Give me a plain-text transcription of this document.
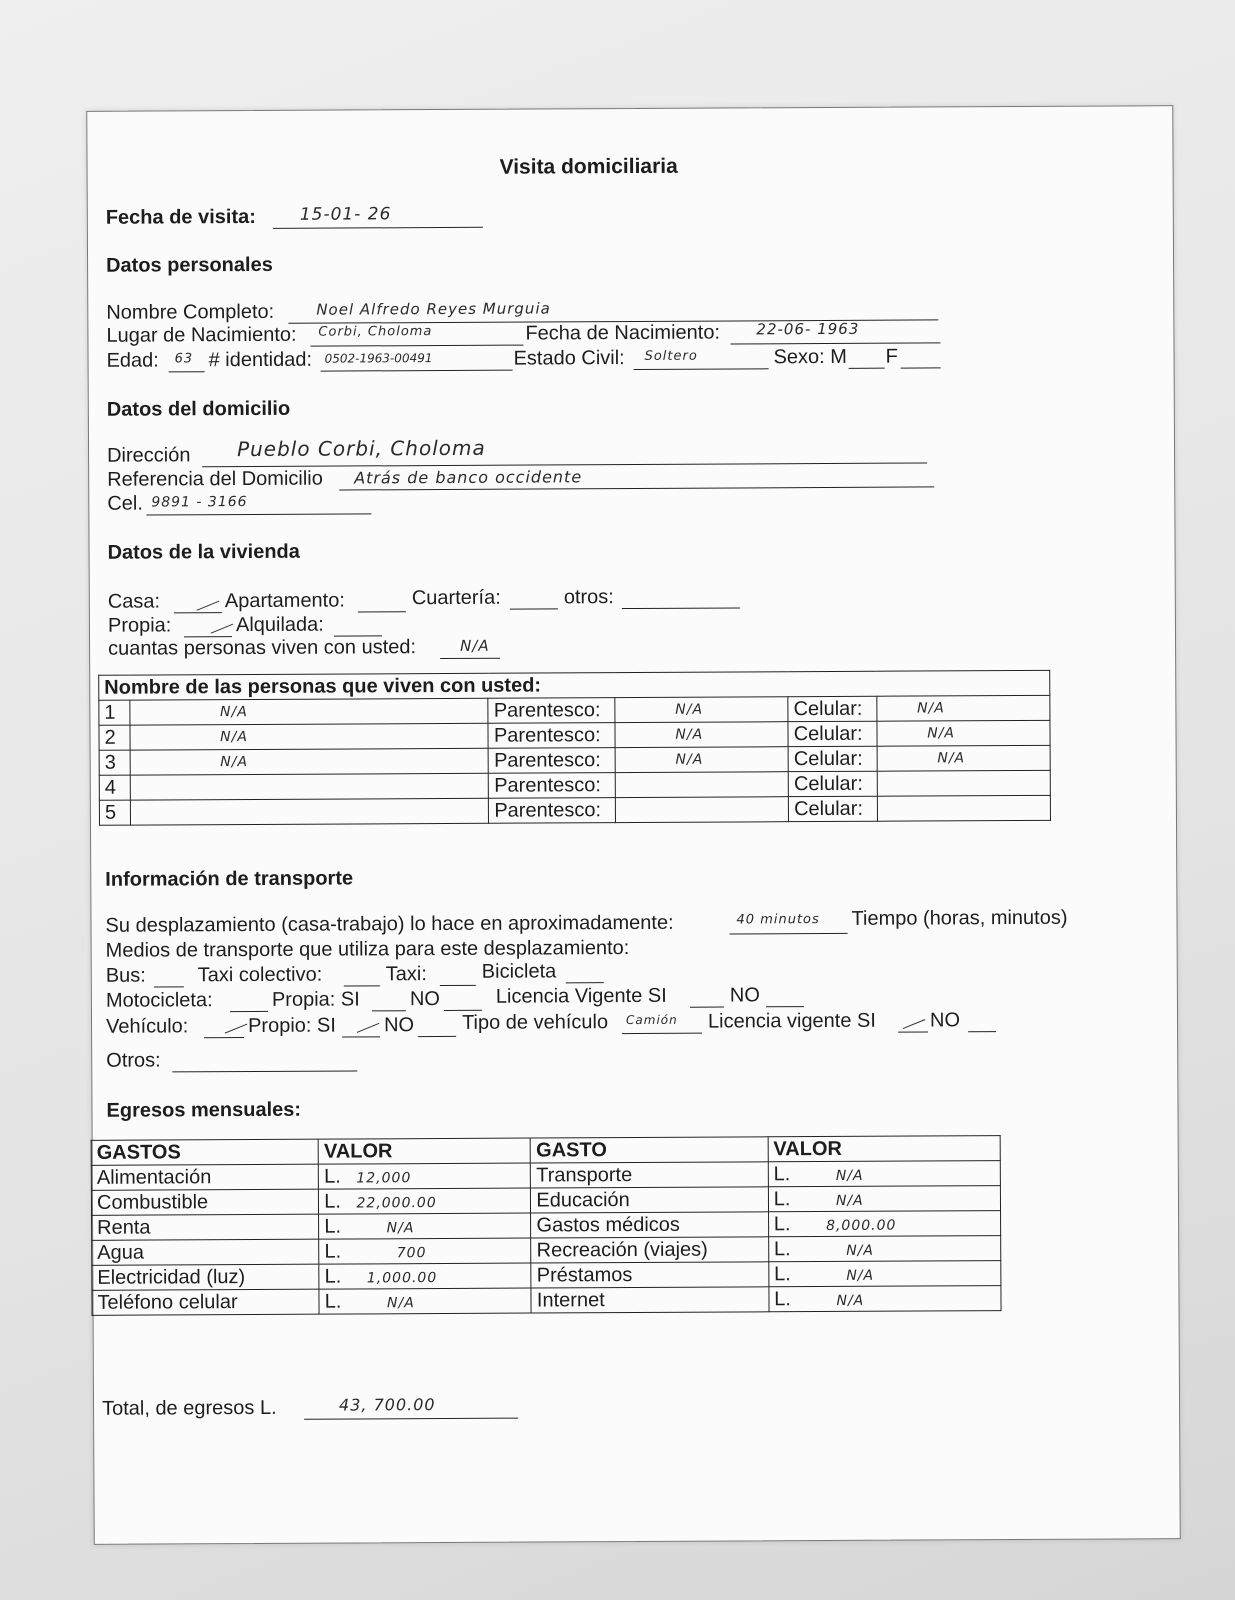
Visita domiciliaria
Fecha de visita:	15-01- 26
Datos personales
Nombre Completo:	Noel Alfredo Reyes Murguia
Lugar de Nacimiento: Corbi, Choloma	Fecha de Nacimiento: 22-06- 1963
Edad: 63 # identidad: 0502-1963-00491	Estado Civil: Soltero	Sexo: M F
Datos del domicilio
Dirección Pueblo Corbi, Choloma
Referencia del Domicilio Atrás de banco occidente
Cel. 9891 - 3166
Datos de la vivienda
Casa:	Apartamento:	Cuartería:	otros:
Propia:	Alquilada:
cuantas personas viven con usted:	N/A
Nombre de las personas que viven con usted:					
1	N/A	Parentesco:	N/A	Celular:	N/A
2	N/A	Parentesco:	N/A	Celular:	N/A
3	N/A	Parentesco:	N/A	Celular:	N/A
4		Parentesco:		Celular:	
5		Parentesco:		Celular:	
Información de transporte
Su desplazamiento (casa-trabajo) lo hace en aproximadamente:	40 minutos Tiempo (horas, minutos)
Medios de transporte que utiliza para este desplazamiento:
Bus:	Taxi colectivo:	Taxi:	Bicicleta
Motocicleta:	Propia: SI	NO	Licencia Vigente SI	NO
Vehículo:	Propio: SI NO Tipo de vehículo Camión Licencia vigente SI	NO
Otros:
Egresos mensuales:
GASTOS	VALOR	GASTO	VALOR
Alimentación	L. 12,000	Transporte	L. N/A
Combustible	L. 22,000.00	Educación	L. N/A
Renta	L. N/A	Gastos médicos	L. 8,000.00
Agua	L. 700	Recreación (viajes)	L. N/A
Electricidad (luz)	L. 1,000.00	Préstamos	L. N/A
Teléfono celular	L. N/A	Internet	L. N/A
Total, de egresos L.	43, 700.00
